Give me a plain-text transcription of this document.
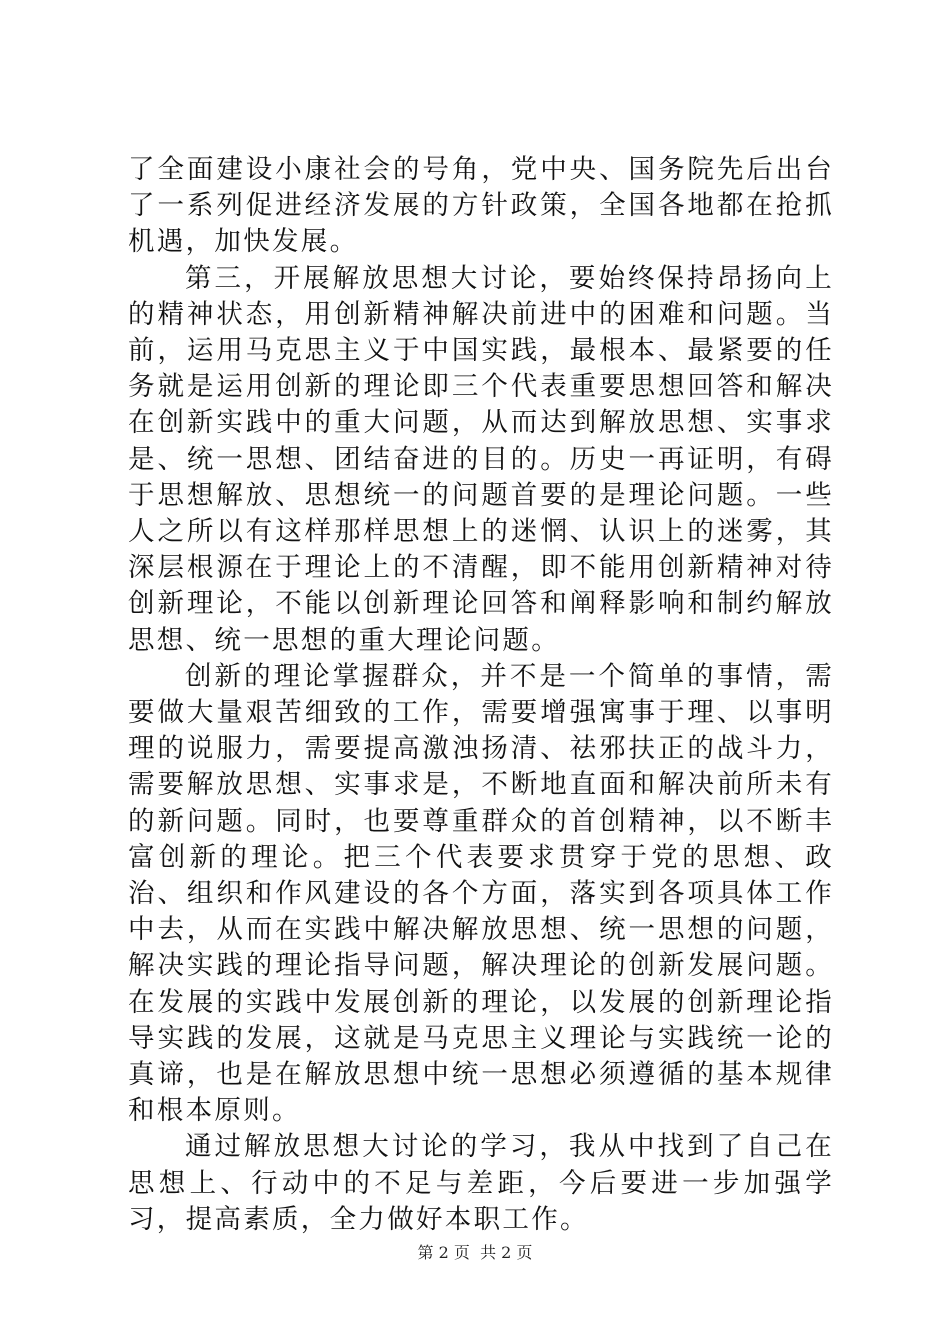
了全面建设小康社会的号角，党中央、国务院先后出台了一系列促进经济发展的方针政策，全国各地都在抢抓机遇，加快发展。

第三，开展解放思想大讨论，要始终保持昂扬向上的精神状态，用创新精神解决前进中的困难和问题。当前，运用马克思主义于中国实践，最根本、最紧要的任务就是运用创新的理论即三个代表重要思想回答和解决在创新实践中的重大问题，从而达到解放思想、实事求是、统一思想、团结奋进的目的。历史一再证明，有碍于思想解放、思想统一的问题首要的是理论问题。一些人之所以有这样那样思想上的迷惘、认识上的迷雾，其深层根源在于理论上的不清醒，即不能用创新精神对待创新理论，不能以创新理论回答和阐释影响和制约解放思想、统一思想的重大理论问题。

创新的理论掌握群众，并不是一个简单的事情，需要做大量艰苦细致的工作，需要增强寓事于理、以事明理的说服力，需要提高激浊扬清、祛邪扶正的战斗力，需要解放思想、实事求是，不断地直面和解决前所未有的新问题。同时，也要尊重群众的首创精神，以不断丰富创新的理论。把三个代表要求贯穿于党的思想、政治、组织和作风建设的各个方面，落实到各项具体工作中去，从而在实践中解决解放思想、统一思想的问题，解决实践的理论指导问题，解决理论的创新发展问题。在发展的实践中发展创新的理论，以发展的创新理论指导实践的发展，这就是马克思主义理论与实践统一论的真谛，也是在解放思想中统一思想必须遵循的基本规律和根本原则。

通过解放思想大讨论的学习，我从中找到了自己在思想上、行动中的不足与差距，今后要进一步加强学习，提高素质，全力做好本职工作。

第 2 页 共 2 页
